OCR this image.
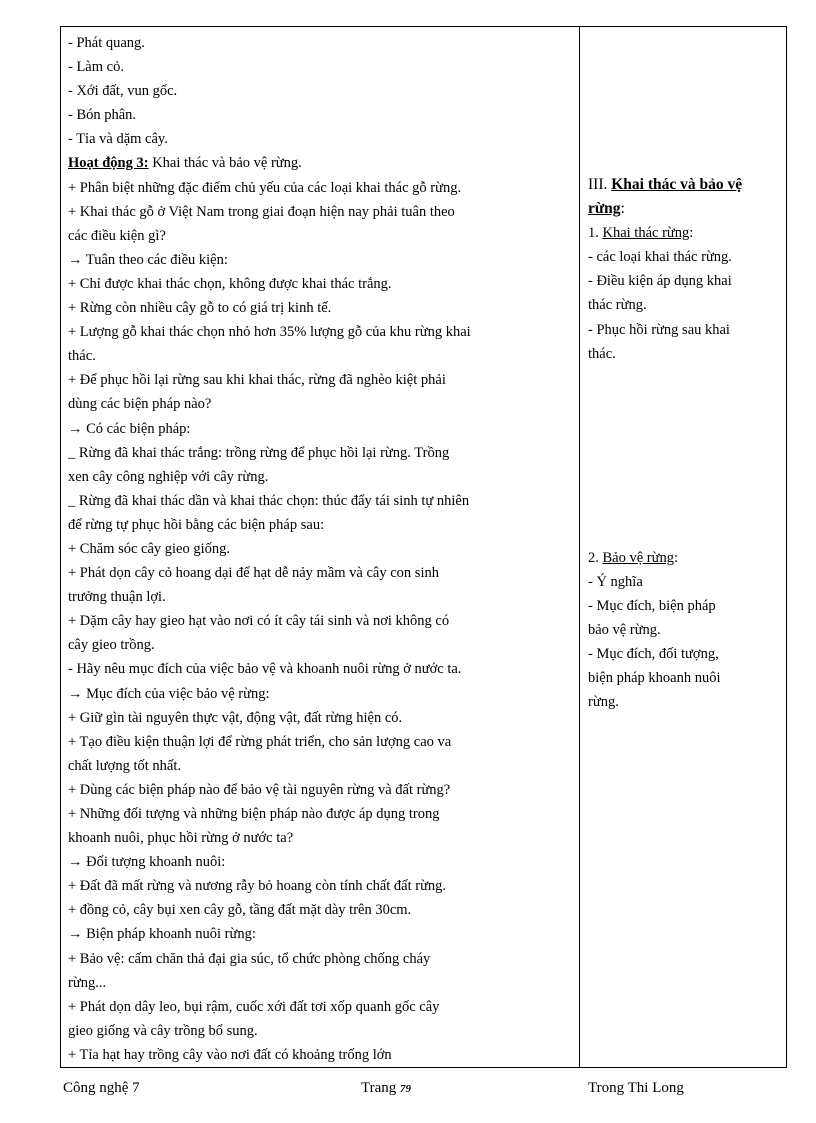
- Phát quang.
- Làm cỏ.
- Xới đất, vun gốc.
- Bón phân.
- Tỉa và dặm cây.
Hoạt động 3: Khai thác và bảo vệ rừng.
+ Phân biệt những đặc điểm chủ yếu của các loại khai thác gỗ rừng.
+ Khai thác gỗ ở Việt Nam trong giai đoạn hiện nay phải tuân theo
các điều kiện gì?
→ Tuân theo các điều kiện:
+ Chỉ được khai thác chọn, không được khai thác trắng.
+ Rừng còn nhiều cây gỗ to có giá trị kinh tế.
+ Lượng gỗ khai thác chọn nhỏ hơn 35% lượng gỗ của khu rừng khai
thác.
+ Để phục hồi lại rừng sau khi khai thác, rừng đã nghèo kiệt phải
dùng các biện pháp nào?
→ Có các biện pháp:
_ Rừng đã khai thác trắng: trồng rừng để phục hồi lại rừng. Trồng
xen cây công nghiệp với cây rừng.
_ Rừng đã khai thác dần và khai thác chọn: thúc đẩy tái sinh tự nhiên
để rừng tự phục hồi bằng các biện pháp sau:
+ Chăm sóc cây gieo giống.
+ Phát dọn cây cỏ hoang dại để hạt dễ nảy mầm và cây con sinh
trưởng thuận lợi.
+ Dặm cây hay gieo hạt vào nơi có ít cây tái sinh và nơi không có
cây gieo trồng.
- Hãy nêu mục đích của việc bảo vệ và khoanh nuôi rừng ở nước ta.
→ Mục đích của việc bảo vệ rừng:
+ Giữ gìn tài nguyên thực vật, động vật, đất rừng hiện có.
+ Tạo điều kiện thuận lợi để rừng phát triển, cho sản lượng cao va
chất lượng tốt nhất.
+ Dùng các biện pháp nào để bảo vệ tài nguyên rừng và đất rừng?
+ Những đối tượng và những biện pháp nào được áp dụng trong
khoanh nuôi, phục hồi rừng ở nước ta?
→ Đối tượng khoanh nuôi:
+ Đất đã mất rừng và nương rẫy bỏ hoang còn tính chất đất rừng.
+ đồng cỏ, cây bụi xen cây gỗ, tầng đất mặt dày trên 30cm.
→ Biện pháp khoanh nuôi rừng:
+ Bảo vệ: cấm chăn thả đại gia súc, tổ chức phòng chống cháy
rừng...
+ Phát dọn dây leo, bụi rậm, cuốc xới đất tơi xốp quanh gốc cây
gieo giống và cây trồng bổ sung.
+ Tỉa hạt hay trồng cây vào nơi đất có khoảng trống lớn

III. Khai thác và bảo vệ
rừng:
1. Khai thác rừng:
- các loại khai thác rừng.
- Điều kiện áp dụng khai
thác rừng.
- Phục hồi rừng sau khai
thác.
2. Bảo vệ rừng:
- Ý nghĩa
- Mục đích, biện pháp
bảo vệ rừng.
- Mục đích, đối tượng,
biện pháp khoanh nuôi
rừng.
Công nghệ 7	Trang 79	Trong Thi Long
